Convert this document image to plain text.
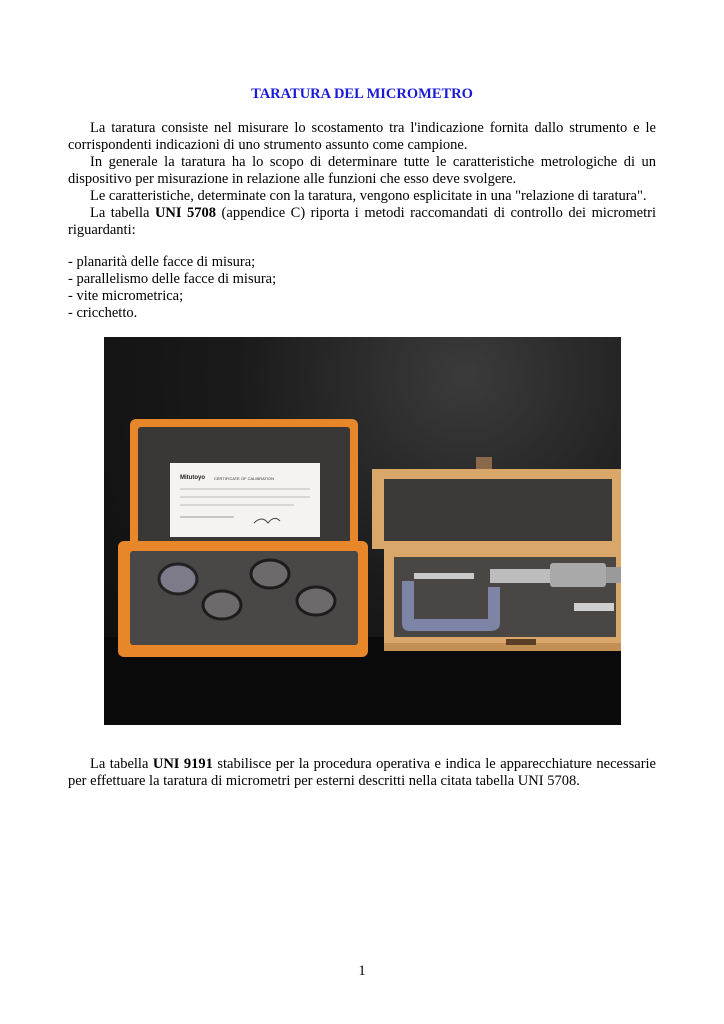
TARATURA DEL MICROMETRO

La taratura consiste nel misurare lo scostamento tra l'indicazione fornita dallo strumento e le corrispondenti indicazioni di uno strumento assunto come campione.

In generale la taratura ha lo scopo di determinare tutte le caratteristiche metrologiche di un dispositivo per misurazione in relazione alle funzioni che esso deve svolgere.

Le caratteristiche, determinate con la taratura, vengono esplicitate in una "relazione di taratura".

La tabella UNI 5708 (appendice C) riporta i metodi raccomandati di controllo dei micrometri riguardanti:

- planarità delle facce di misura;
- parallelismo delle facce di misura;
- vite micrometrica;
- cricchetto.
Mitutoyo CERTIFICATE OF CALIBRATION

La tabella UNI 9191 stabilisce per la procedura operativa e indica le apparecchiature necessarie per effettuare la taratura di micrometri per esterni descritti nella citata tabella UNI 5708.

1
